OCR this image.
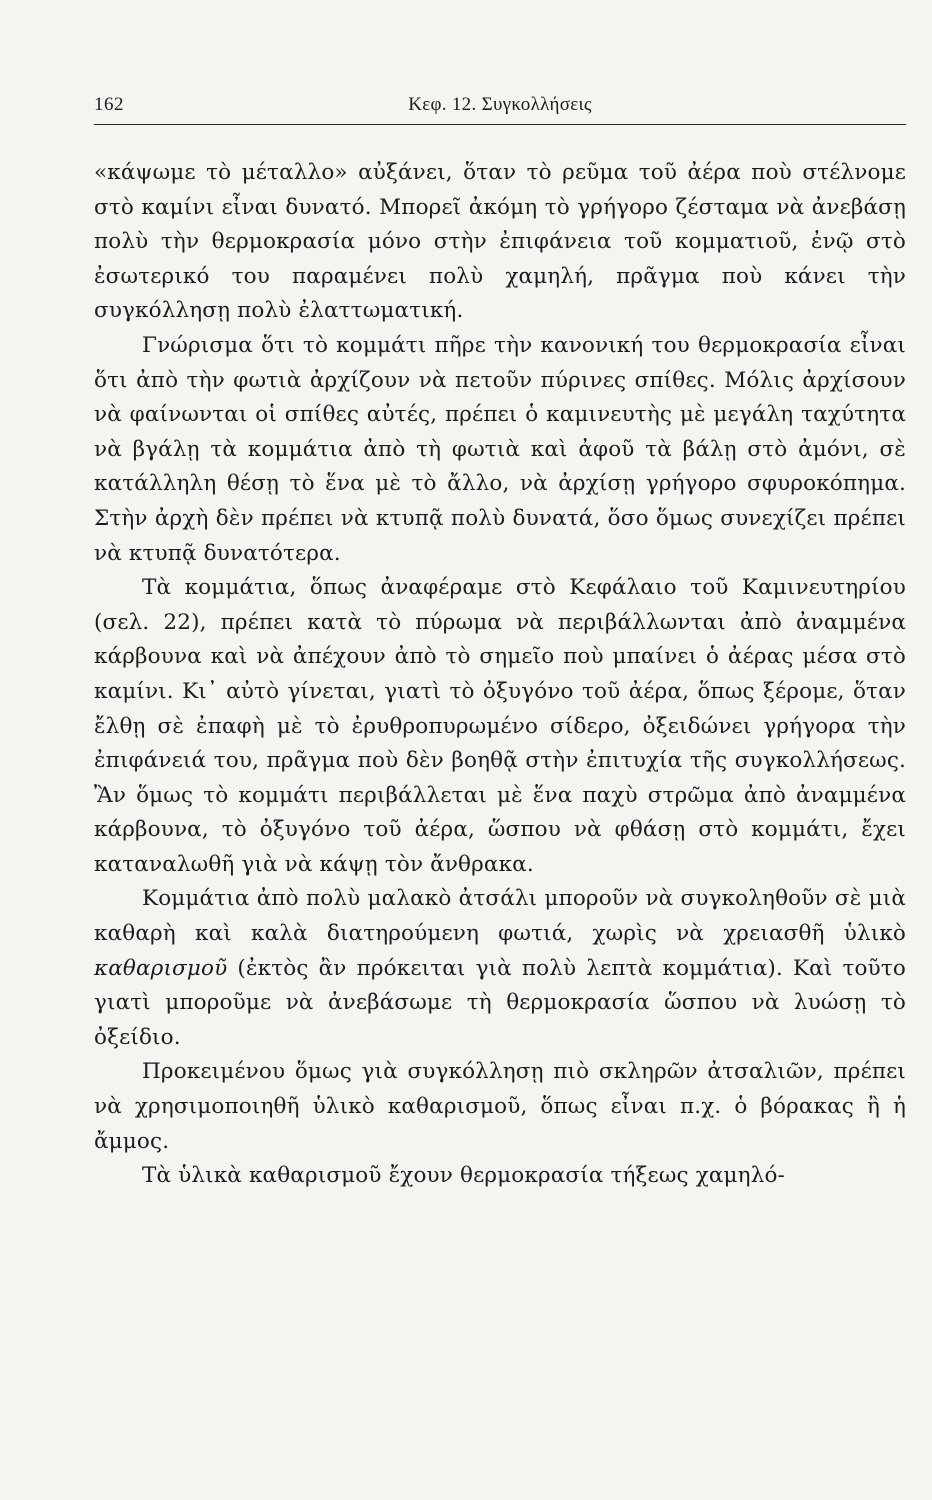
162	Κεφ. 12. Συγκολλήσεις

«κάψωμε τὸ μέταλλο» αὐξάνει, ὅταν τὸ ρεῦμα τοῦ ἀέρα ποὺ στέλνομε στὸ καμίνι εἶναι δυνατό. Μπορεῖ ἀκόμη τὸ γρήγορο ζέσταμα νὰ ἀνεβάσῃ πολὺ τὴν θερμοκρασία μόνο στὴν ἐπιφάνεια τοῦ κομματιοῦ, ἐνῷ στὸ ἐσωτερικό του παραμένει πολὺ χαμηλή, πρᾶγμα ποὺ κάνει τὴν συγκόλλησῃ πολὺ ἐλαττωματική.

Γνώρισμα ὅτι τὸ κομμάτι πῆρε τὴν κανονική του θερμοκρασία εἶναι ὅτι ἀπὸ τὴν φωτιὰ ἀρχίζουν νὰ πετοῦν πύρινες σπίθες. Μόλις ἀρχίσουν νὰ φαίνωνται οἱ σπίθες αὐτές, πρέπει ὁ καμινευτὴς μὲ μεγάλη ταχύτητα νὰ βγάλῃ τὰ κομμάτια ἀπὸ τὴ φωτιὰ καὶ ἀφοῦ τὰ βάλῃ στὸ ἀμόνι, σὲ κατάλληλη θέσῃ τὸ ἕνα μὲ τὸ ἄλλο, νὰ ἀρχίσῃ γρήγορο σφυροκόπημα. Στὴν ἀρχὴ δὲν πρέπει νὰ κτυπᾷ πολὺ δυνατά, ὅσο ὅμως συνεχίζει πρέπει νὰ κτυπᾷ δυνατότερα.

Τὰ κομμάτια, ὅπως ἀναφέραμε στὸ Κεφάλαιο τοῦ Καμινευτηρίου (σελ. 22), πρέπει κατὰ τὸ πύρωμα νὰ περιβάλλωνται ἀπὸ ἀναμμένα κάρβουνα καὶ νὰ ἀπέχουν ἀπὸ τὸ σημεῖο ποὺ μπαίνει ὁ ἀέρας μέσα στὸ καμίνι. Κι᾽ αὐτὸ γίνεται, γιατὶ τὸ ὀξυγόνο τοῦ ἀέρα, ὅπως ξέρομε, ὅταν ἔλθῃ σὲ ἐπαφὴ μὲ τὸ ἐρυθροπυρωμένο σίδερο, ὀξειδώνει γρήγορα τὴν ἐπιφάνειά του, πρᾶγμα ποὺ δὲν βοηθᾷ στὴν ἐπιτυχία τῆς συγκολλήσεως. Ἂν ὅμως τὸ κομμάτι περιβάλλεται μὲ ἕνα παχὺ στρῶμα ἀπὸ ἀναμμένα κάρβουνα, τὸ ὀξυγόνο τοῦ ἀέρα, ὥσπου νὰ φθάσῃ στὸ κομμάτι, ἔχει καταναλωθῆ γιὰ νὰ κάψῃ τὸν ἄνθρακα.

Κομμάτια ἀπὸ πολὺ μαλακὸ ἀτσάλι μποροῦν νὰ συγκοληθοῦν σὲ μιὰ καθαρὴ καὶ καλὰ διατηρούμενη φωτιά, χωρὶς νὰ χρειασθῆ ὑλικὸ καθαρισμοῦ (ἐκτὸς ἂν πρόκειται γιὰ πολὺ λεπτὰ κομμάτια). Καὶ τοῦτο γιατὶ μποροῦμε νὰ ἀνεβάσωμε τὴ θερμοκρασία ὥσπου νὰ λυώσῃ τὸ ὀξείδιο.

Προκειμένου ὅμως γιὰ συγκόλλησῃ πιὸ σκληρῶν ἀτσαλιῶν, πρέπει νὰ χρησιμοποιηθῆ ὑλικὸ καθαρισμοῦ, ὅπως εἶναι π.χ. ὁ βόρακας ἢ ἡ ἄμμος.

Τὰ ὑλικὰ καθαρισμοῦ ἔχουν θερμοκρασία τήξεως χαμηλό-
